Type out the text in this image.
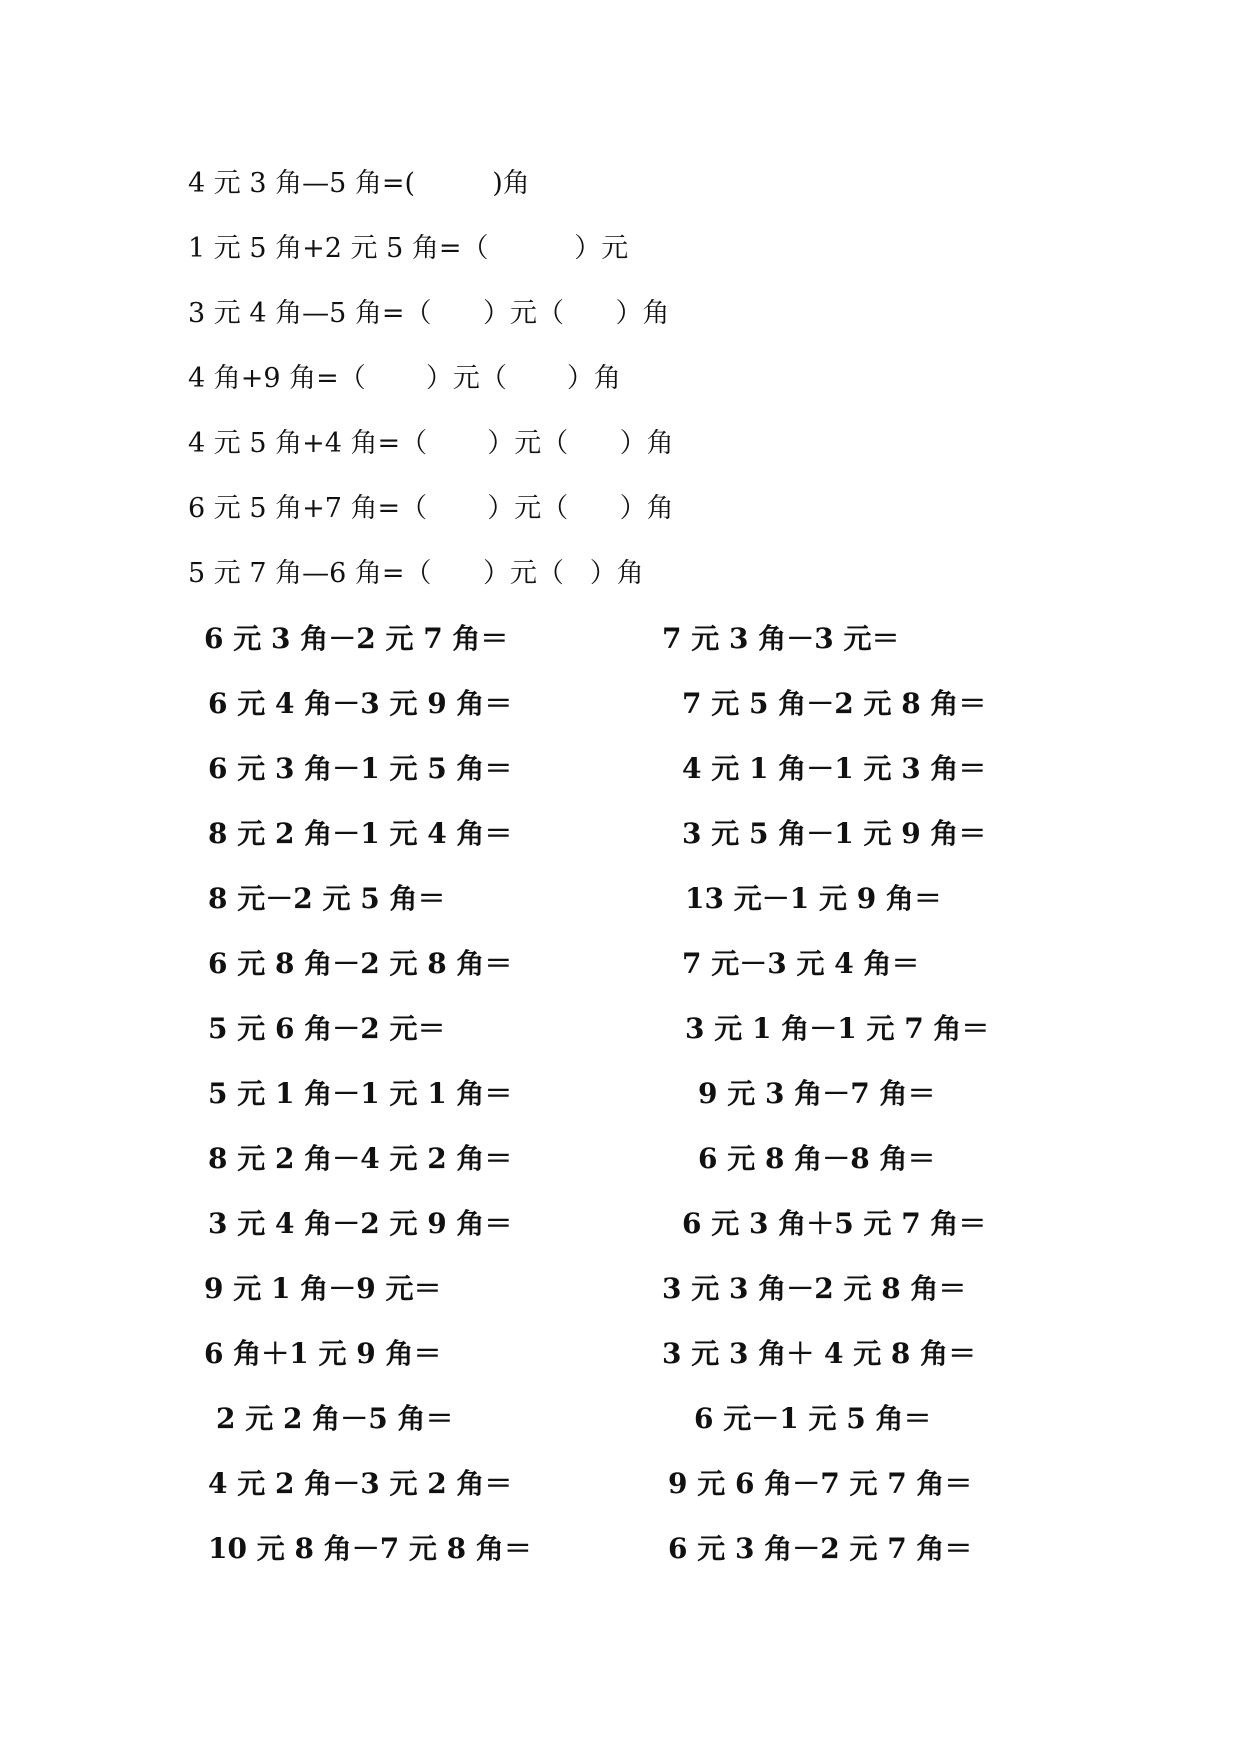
4 元 3 角—5 角=(         )角
1 元 5 角+2 元 5 角=（          ）元
3 元 4 角—5 角=（      ）元（      ）角
4 角+9 角=（       ）元（       ）角
4 元 5 角+4 角=（       ）元（      ）角
6 元 5 角+7 角=（       ）元（      ）角
5 元 7 角—6 角=（      ）元（   ）角
6 元 3 角－2 元 7 角＝
6 元 4 角－3 元 9 角＝
6 元 3 角－1 元 5 角＝
8 元 2 角－1 元 4 角＝
8 元－2 元 5 角＝
6 元 8 角－2 元 8 角＝
5 元 6 角－2 元＝
5 元 1 角－1 元 1 角＝
8 元 2 角－4 元 2 角＝
3 元 4 角－2 元 9 角＝
9 元 1 角－9 元＝
6 角＋1 元 9 角＝
2 元 2 角－5 角＝
4 元 2 角－3 元 2 角＝
10 元 8 角－7 元 8 角＝
7 元 3 角－3 元＝
7 元 5 角－2 元 8 角＝
4 元 1 角－1 元 3 角＝
3 元 5 角－1 元 9 角＝
13 元－1 元 9 角＝
7 元－3 元 4 角＝
3 元 1 角－1 元 7 角＝
9 元 3 角－7 角＝
6 元 8 角－8 角＝
6 元 3 角＋5 元 7 角＝
3 元 3 角－2 元 8 角＝
3 元 3 角＋ 4 元 8 角＝
6 元－1 元 5 角＝
9 元 6 角－7 元 7 角＝
6 元 3 角－2 元 7 角＝
